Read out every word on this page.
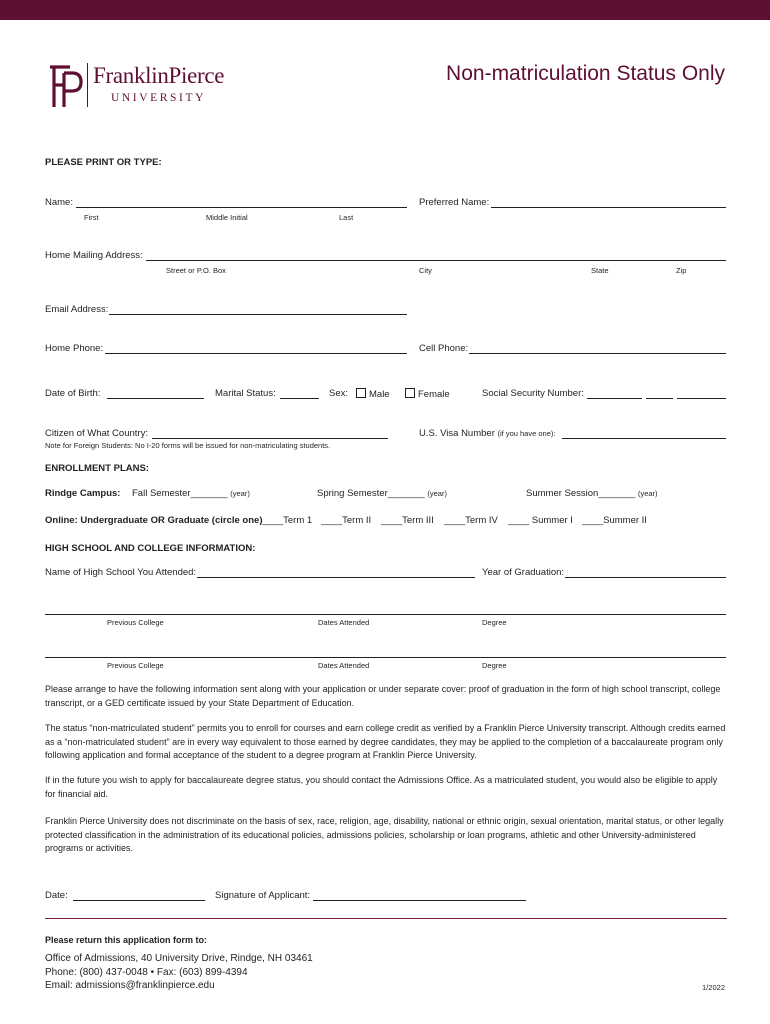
FranklinPierce
UNIVERSITY
Non-matriculation Status Only
PLEASE PRINT OR TYPE:
Name:
First	Middle Initial	Last
Preferred Name:
Home Mailing Address:
Street or P.O. Box	City	State	Zip
Email Address:
Home Phone:	Cell Phone:
Date of Birth:	Marital Status:	Sex:	Male	Female	Social Security Number:
Citizen of What Country:
Note for Foreign Students: No I-20 forms will be issued for non-matriculating students.
U.S. Visa Number (if you have one):
ENROLLMENT PLANS:
Rindge Campus: Fall Semester_______ (year)	Spring Semester_______ (year)	Summer Session_______ (year)
Online: Undergraduate OR Graduate (circle one) ____Term 1 ____Term II ____Term III ____Term IV ____ Summer I ____Summer II
HIGH SCHOOL AND COLLEGE INFORMATION:
Name of High School You Attended:	Year of Graduation:
Previous College	Dates Attended	Degree
Previous College	Dates Attended	Degree
Please arrange to have the following information sent along with your application or under separate cover: proof of graduation in the form of high school transcript, college transcript, or a GED certificate issued by your State Department of Education.
The status “non-matriculated student” permits you to enroll for courses and earn college credit as verified by a Franklin Pierce University transcript. Although credits earned as a “non-matriculated student” are in every way equivalent to those earned by degree candidates, they may be applied to the completion of a baccalaureate program only following application and formal acceptance of the student to a degree program at Franklin Pierce University.
If in the future you wish to apply for baccalaureate degree status, you should contact the Admissions Office. As a matriculated student, you would also be eligible to apply for financial aid.
Franklin Pierce University does not discriminate on the basis of sex, race, religion, age, disability, national or ethnic origin, sexual orientation, marital status, or other legally protected classification in the administration of its educational policies, admissions policies, scholarship or loan programs, athletic and other University-administered programs or activities.
Date:	Signature of Applicant:
Please return this application form to:
Office of Admissions, 40 University Drive, Rindge, NH 03461
Phone: (800) 437-0048 • Fax: (603) 899-4394
Email: admissions@franklinpierce.edu	1/2022
